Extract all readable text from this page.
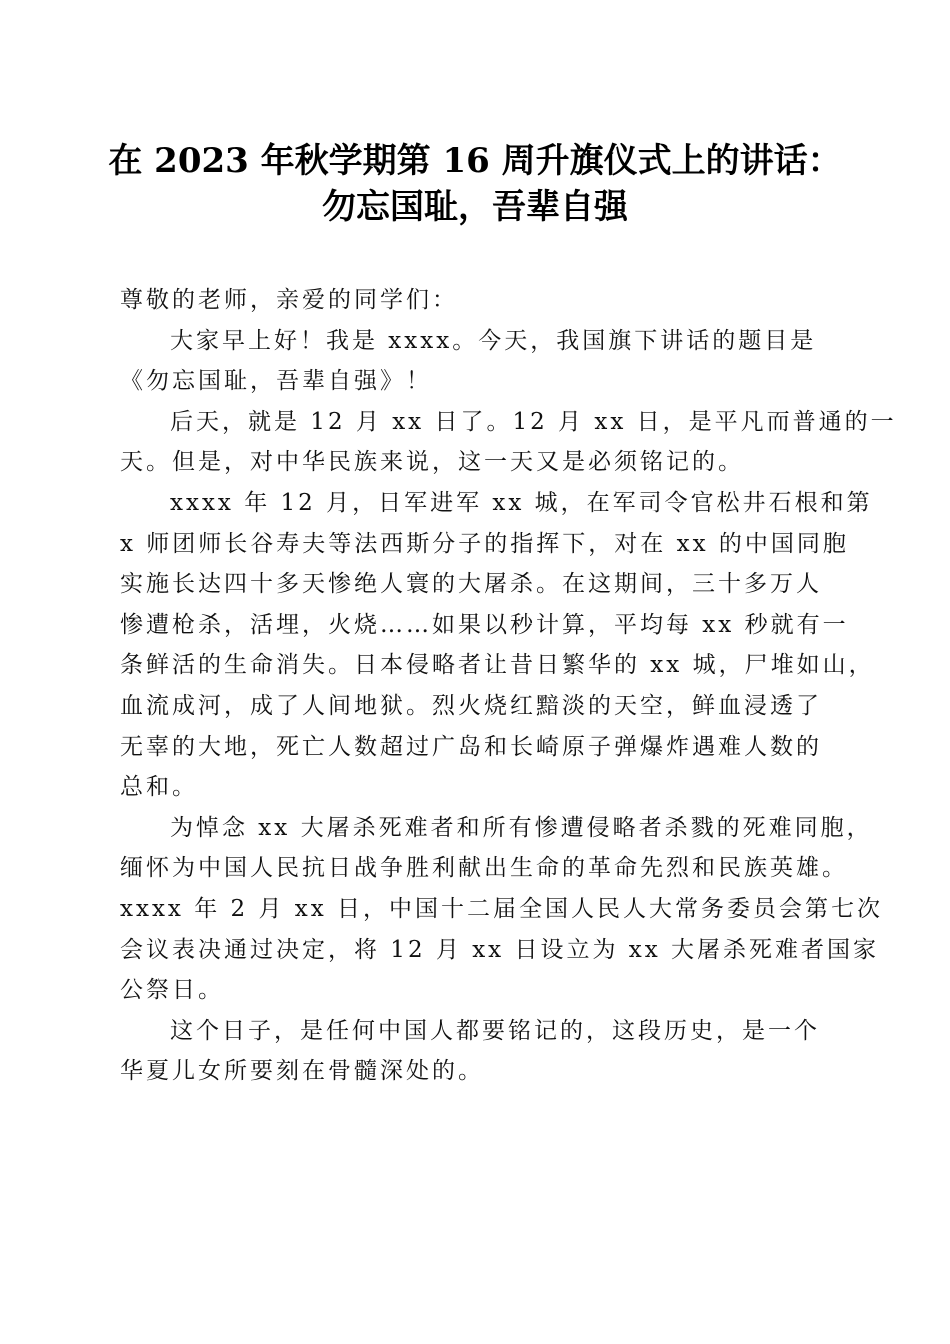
在 2023 年秋学期第 16 周升旗仪式上的讲话：
勿忘国耻，吾辈自强
尊敬的老师，亲爱的同学们：
大家早上好！我是 xxxx。今天，我国旗下讲话的题目是
《勿忘国耻，吾辈自强》！
后天，就是 12 月 xx 日了。12 月 xx 日，是平凡而普通的一
天。但是，对中华民族来说，这一天又是必须铭记的。
xxxx 年 12 月，日军进军 xx 城，在军司令官松井石根和第
x 师团师长谷寿夫等法西斯分子的指挥下，对在 xx 的中国同胞
实施长达四十多天惨绝人寰的大屠杀。在这期间，三十多万人
惨遭枪杀，活埋，火烧……如果以秒计算，平均每 xx 秒就有一
条鲜活的生命消失。日本侵略者让昔日繁华的 xx 城，尸堆如山，
血流成河，成了人间地狱。烈火烧红黯淡的天空，鲜血浸透了
无辜的大地，死亡人数超过广岛和长崎原子弹爆炸遇难人数的
总和。
为悼念 xx 大屠杀死难者和所有惨遭侵略者杀戮的死难同胞，
缅怀为中国人民抗日战争胜利献出生命的革命先烈和民族英雄。
xxxx 年 2 月 xx 日，中国十二届全国人民人大常务委员会第七次
会议表决通过决定，将 12 月 xx 日设立为 xx 大屠杀死难者国家
公祭日。
这个日子，是任何中国人都要铭记的，这段历史，是一个
华夏儿女所要刻在骨髓深处的。
